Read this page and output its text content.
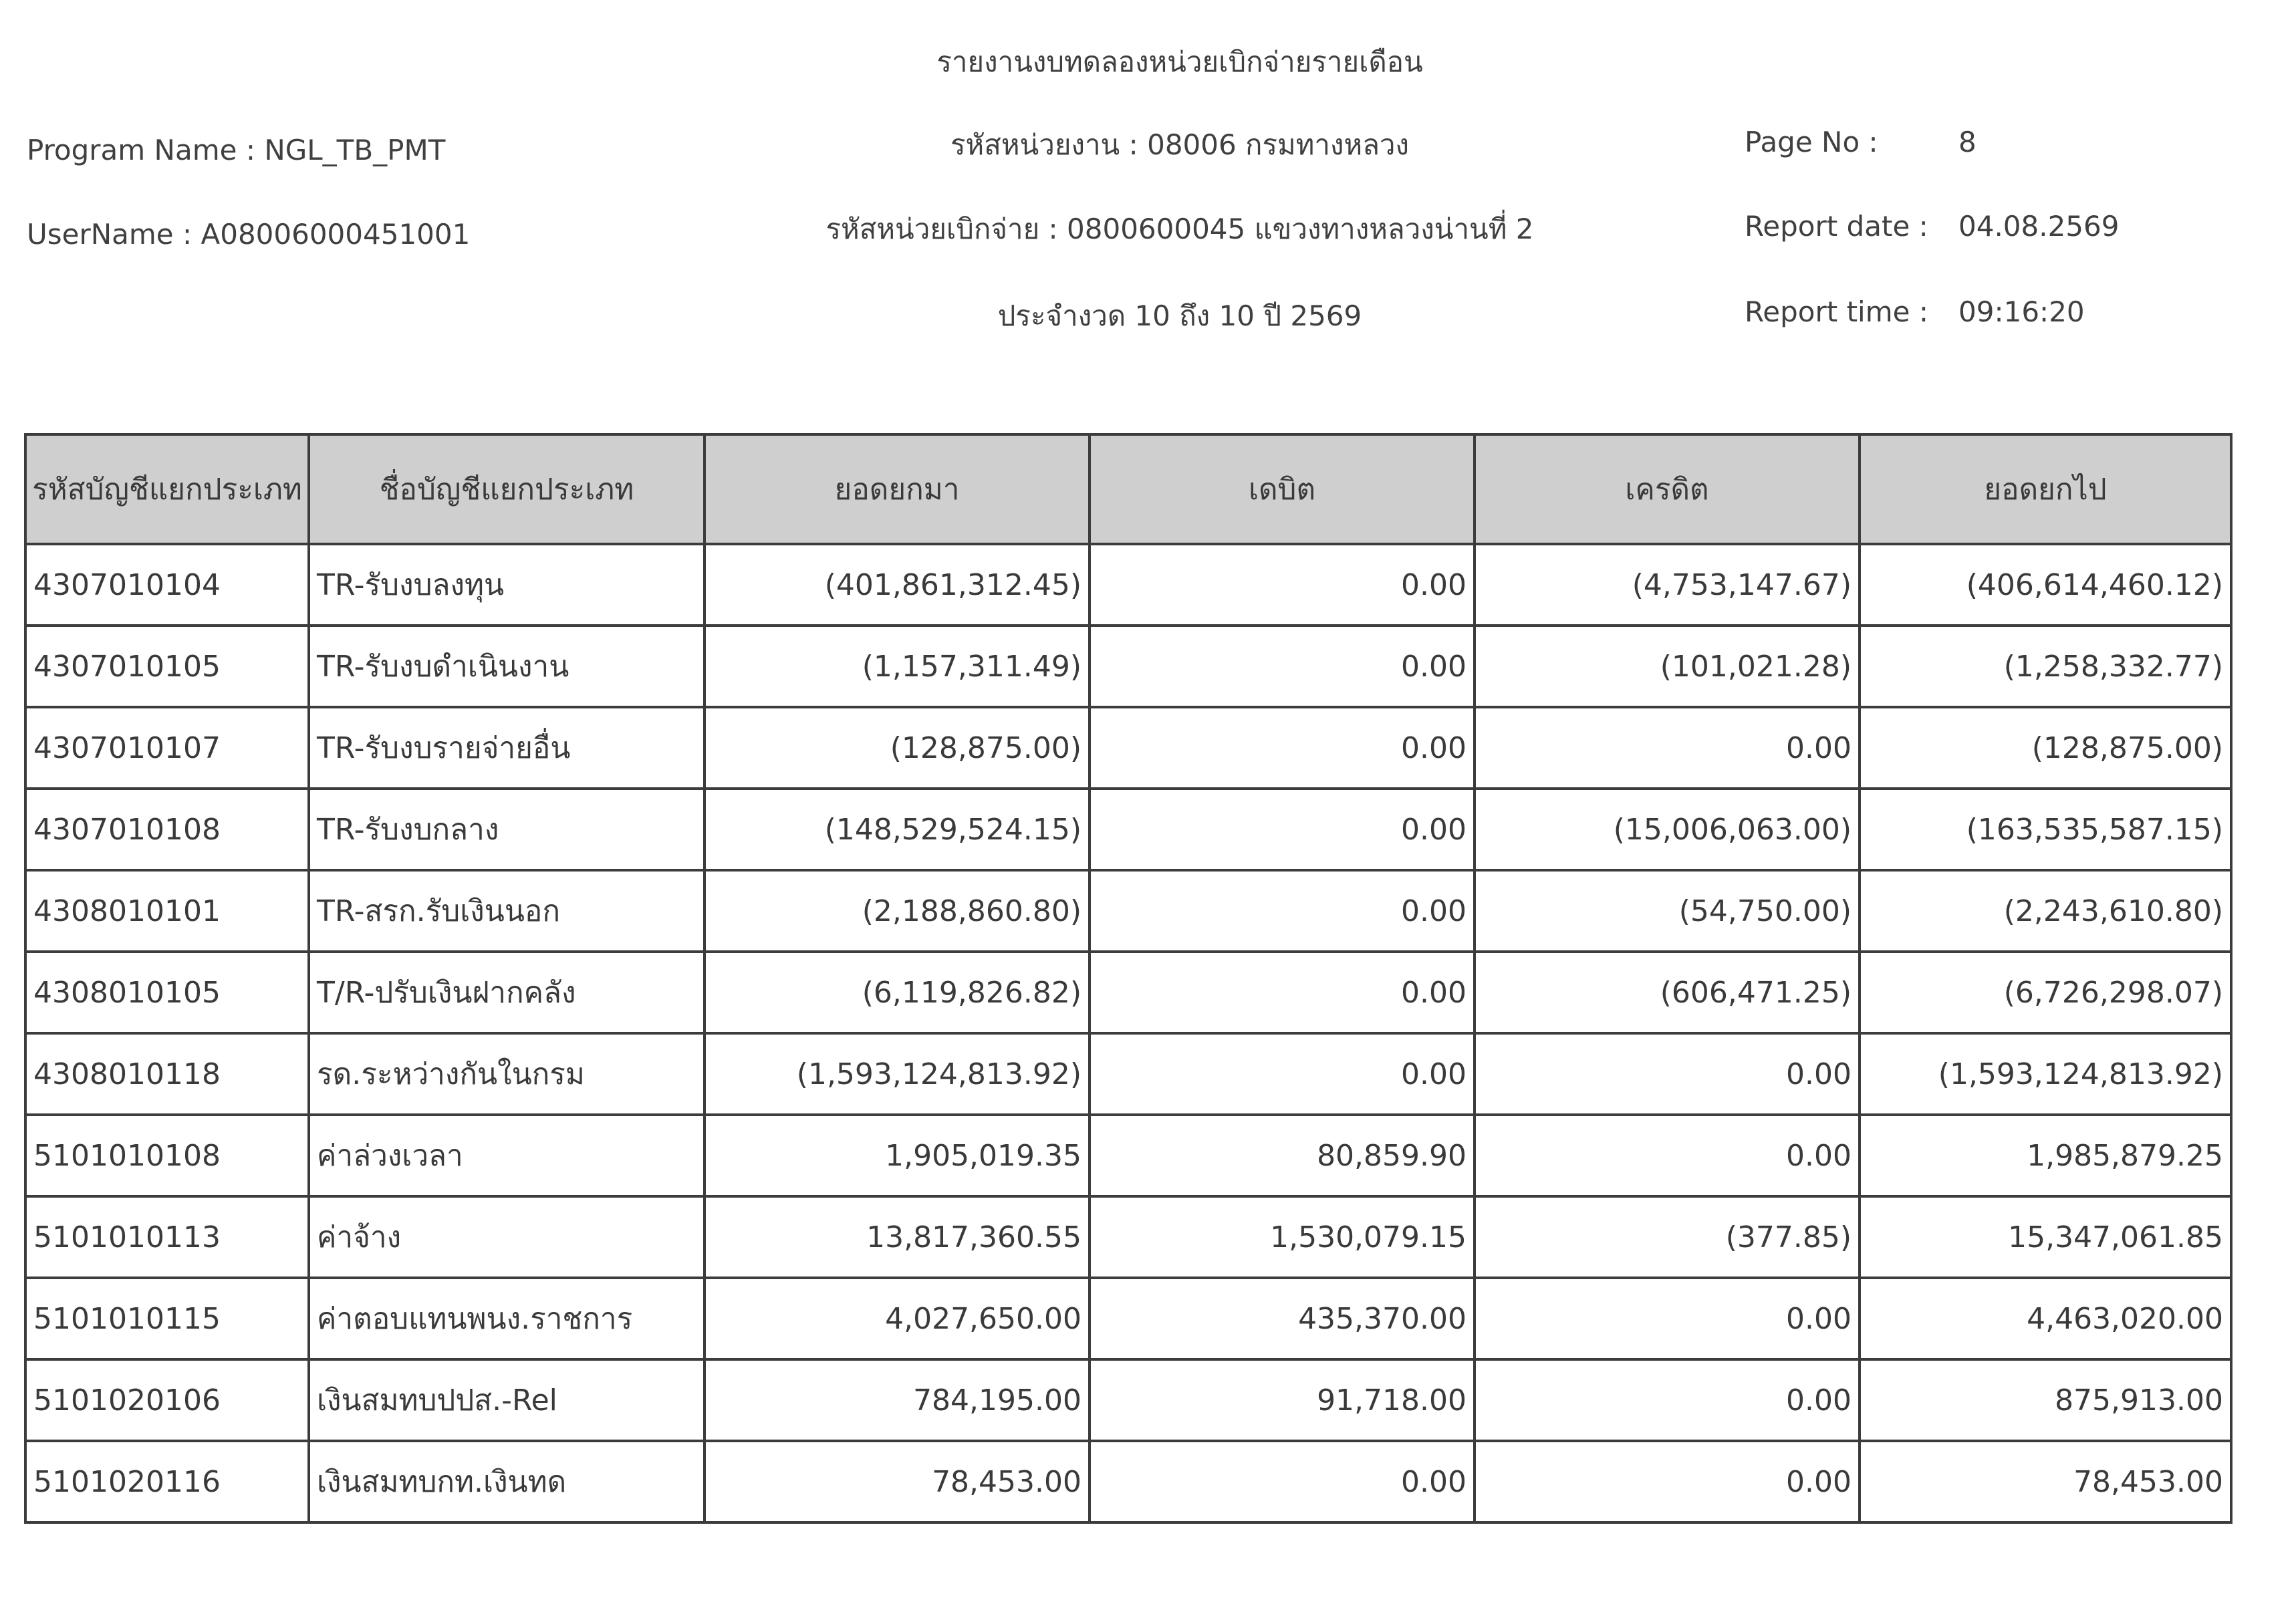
รายงานงบทดลองหน่วยเบิกจ่ายรายเดือน
Program Name : NGL_TB_PMT
UserName : A08006000451001
รหัสหน่วยงาน : 08006 กรมทางหลวง
รหัสหน่วยเบิกจ่าย : 0800600045 แขวงทางหลวงน่านที่ 2
ประจำงวด 10 ถึง 10 ปี 2569
Page No :	8
Report date : 04.08.2569
Report time : 09:16:20
รหัสบัญชีแยกประเภท	ชื่อบัญชีแยกประเภท	ยอดยกมา	เดบิต	เครดิต	ยอดยกไป
4307010104	TR-รับงบลงทุน	(401,861,312.45)	0.00	(4,753,147.67)	(406,614,460.12)
4307010105	TR-รับงบดำเนินงาน	(1,157,311.49)	0.00	(101,021.28)	(1,258,332.77)
4307010107	TR-รับงบรายจ่ายอื่น	(128,875.00)	0.00	0.00	(128,875.00)
4307010108	TR-รับงบกลาง	(148,529,524.15)	0.00	(15,006,063.00)	(163,535,587.15)
4308010101	TR-สรก.รับเงินนอก	(2,188,860.80)	0.00	(54,750.00)	(2,243,610.80)
4308010105	T/R-ปรับเงินฝากคลัง	(6,119,826.82)	0.00	(606,471.25)	(6,726,298.07)
4308010118	รด.ระหว่างกันในกรม	(1,593,124,813.92)	0.00	0.00	(1,593,124,813.92)
5101010108	ค่าล่วงเวลา	1,905,019.35	80,859.90	0.00	1,985,879.25
5101010113	ค่าจ้าง	13,817,360.55	1,530,079.15	(377.85)	15,347,061.85
5101010115	ค่าตอบแทนพนง.ราชการ	4,027,650.00	435,370.00	0.00	4,463,020.00
5101020106	เงินสมทบปปส.-Rel	784,195.00	91,718.00	0.00	875,913.00
5101020116	เงินสมทบกท.เงินทด	78,453.00	0.00	0.00	78,453.00
